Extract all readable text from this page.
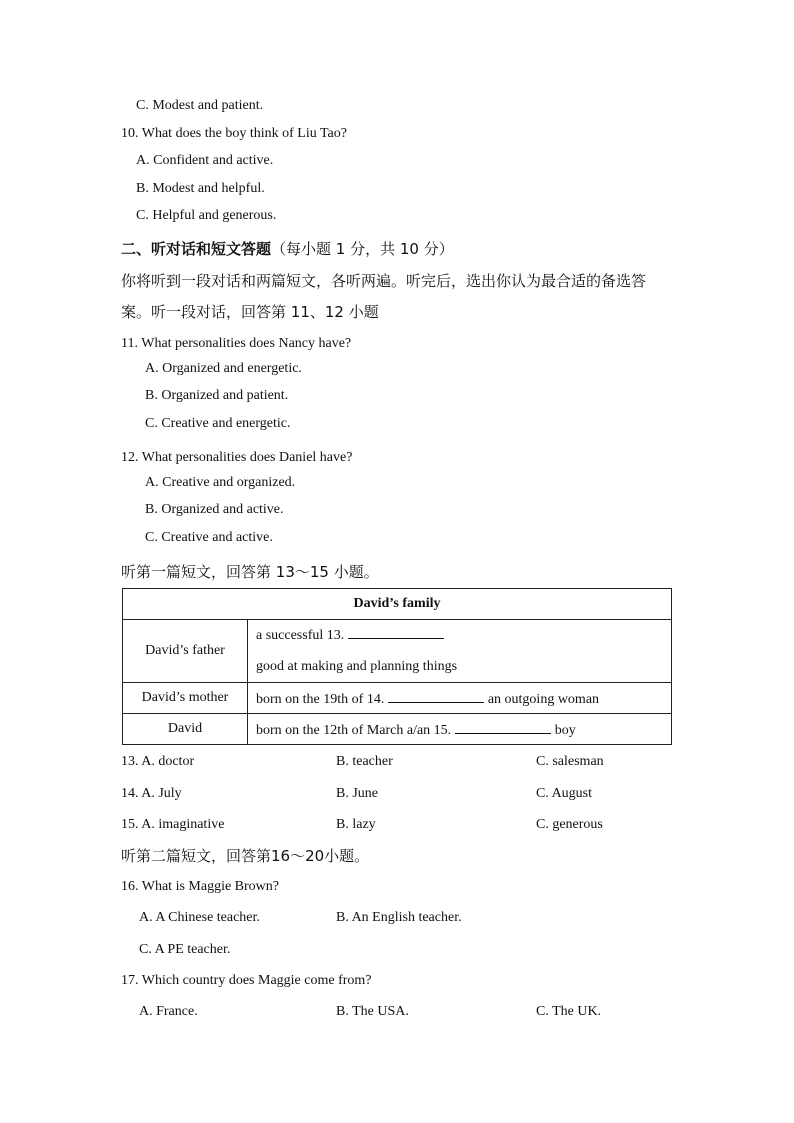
C. Modest and patient.
10. What does the boy think of Liu Tao?
A. Confident and active.
B. Modest and helpful.
C. Helpful and generous.
二、听对话和短文答题（每小题 1 分，共 10 分）
你将听到一段对话和两篇短文，各听两遍。听完后，选出你认为最合适的备选答
案。听一段对话，回答第 11、12 小题
11. What personalities does Nancy have?
A. Organized and energetic.
B. Organized and patient.
C. Creative and energetic.
12. What personalities does Daniel have?
A. Creative and organized.
B. Organized and active.
C. Creative and active.
听第一篇短文，回答第 13～15 小题。
David’s family	
David’s father	a successful 13.
good at making and planning things

David’s mother	born on the 19th of 14. an outgoing woman
David	born on the 12th of March a/an 15. boy
13. A. doctor	B. teacher	C. salesman
14. A. July	B. June	C. August
15. A. imaginative	B. lazy	C. generous
听第二篇短文，回答第16～20小题。
16. What is Maggie Brown?
A. A Chinese teacher.	B. An English teacher.
C. A PE teacher.
17. Which country does Maggie come from?
A. France.	B. The USA.	C. The UK.
